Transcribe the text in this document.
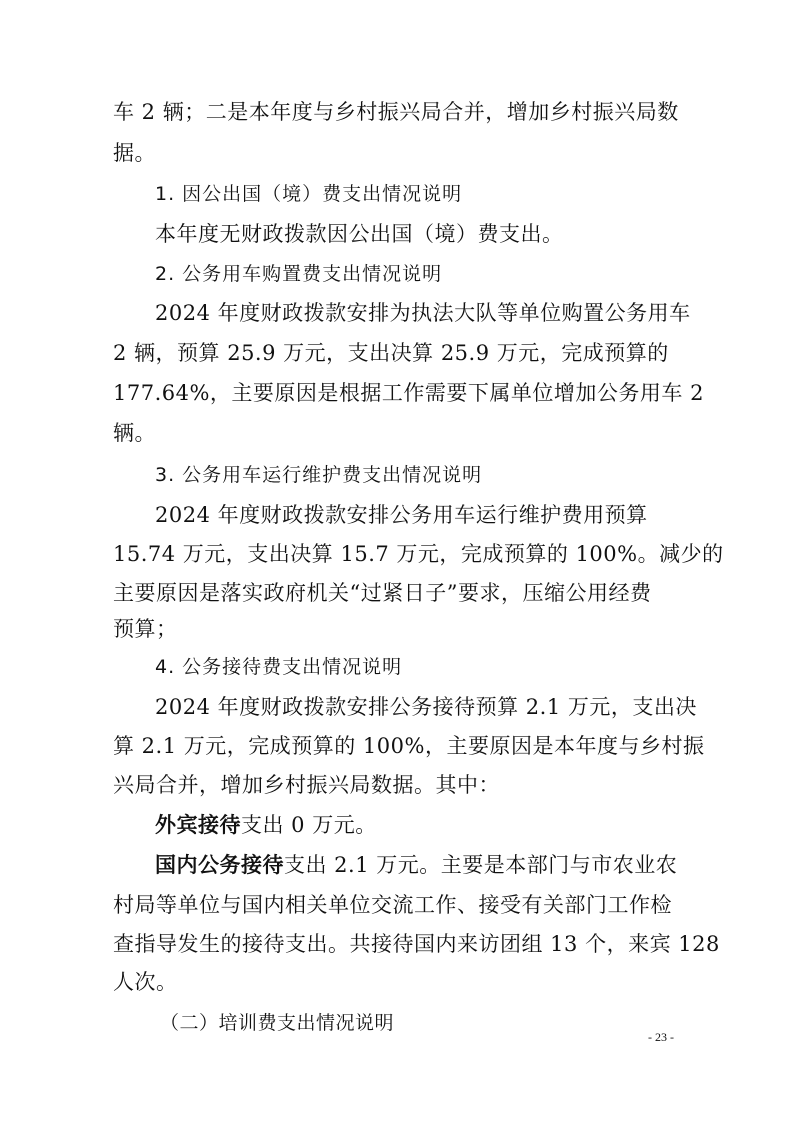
车 2 辆；二是本年度与乡村振兴局合并，增加乡村振兴局数
据。
1. 因公出国（境）费支出情况说明
本年度无财政拨款因公出国（境）费支出。
2. 公务用车购置费支出情况说明
2024 年度财政拨款安排为执法大队等单位购置公务用车
2 辆，预算 25.9 万元，支出决算 25.9 万元，完成预算的
177.64%，主要原因是根据工作需要下属单位增加公务用车 2
辆。
3. 公务用车运行维护费支出情况说明
2024 年度财政拨款安排公务用车运行维护费用预算
15.74 万元，支出决算 15.7 万元，完成预算的 100%。减少的
主要原因是落实政府机关“过紧日子”要求，压缩公用经费
预算；
4. 公务接待费支出情况说明
2024 年度财政拨款安排公务接待预算 2.1 万元，支出决
算 2.1 万元，完成预算的 100%，主要原因是本年度与乡村振
兴局合并，增加乡村振兴局数据。其中：
外宾接待支出 0 万元。
国内公务接待支出 2.1 万元。主要是本部门与市农业农
村局等单位与国内相关单位交流工作、接受有关部门工作检
查指导发生的接待支出。共接待国内来访团组 13 个，来宾 128
人次。
（二）培训费支出情况说明
- 23 -
